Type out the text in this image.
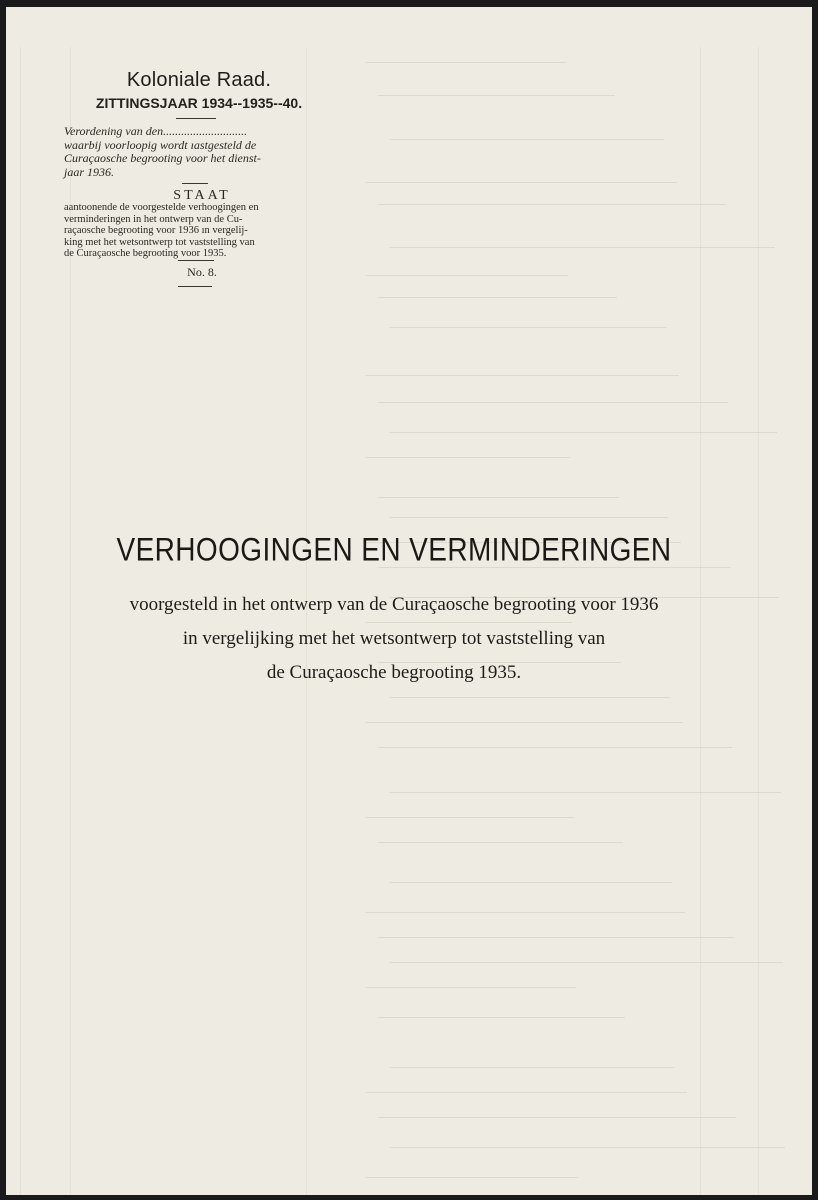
Koloniale Raad.
ZITTINGSJAAR 1934--1935--40.
Verordening van den............................
waarbij voorloopig wordt ıastgesteld de
Curaçaosche begrooting voor het dienst-
jaar 1936.
STAAT
aantoonende de voorgestelde verhoogingen en
verminderingen in het ontwerp van de Cu-
raçaosche begrooting voor 1936 ın vergelij-
king met het wetsontwerp tot vaststelling van
de Curaçaosche begrooting voor 1935.
No. 8.
VERHOOGINGEN EN VERMINDERINGEN
voorgesteld in het ontwerp van de Curaçaosche begrooting voor 1936
in vergelijking met het wetsontwerp tot vaststelling van
de Curaçaosche begrooting 1935.
